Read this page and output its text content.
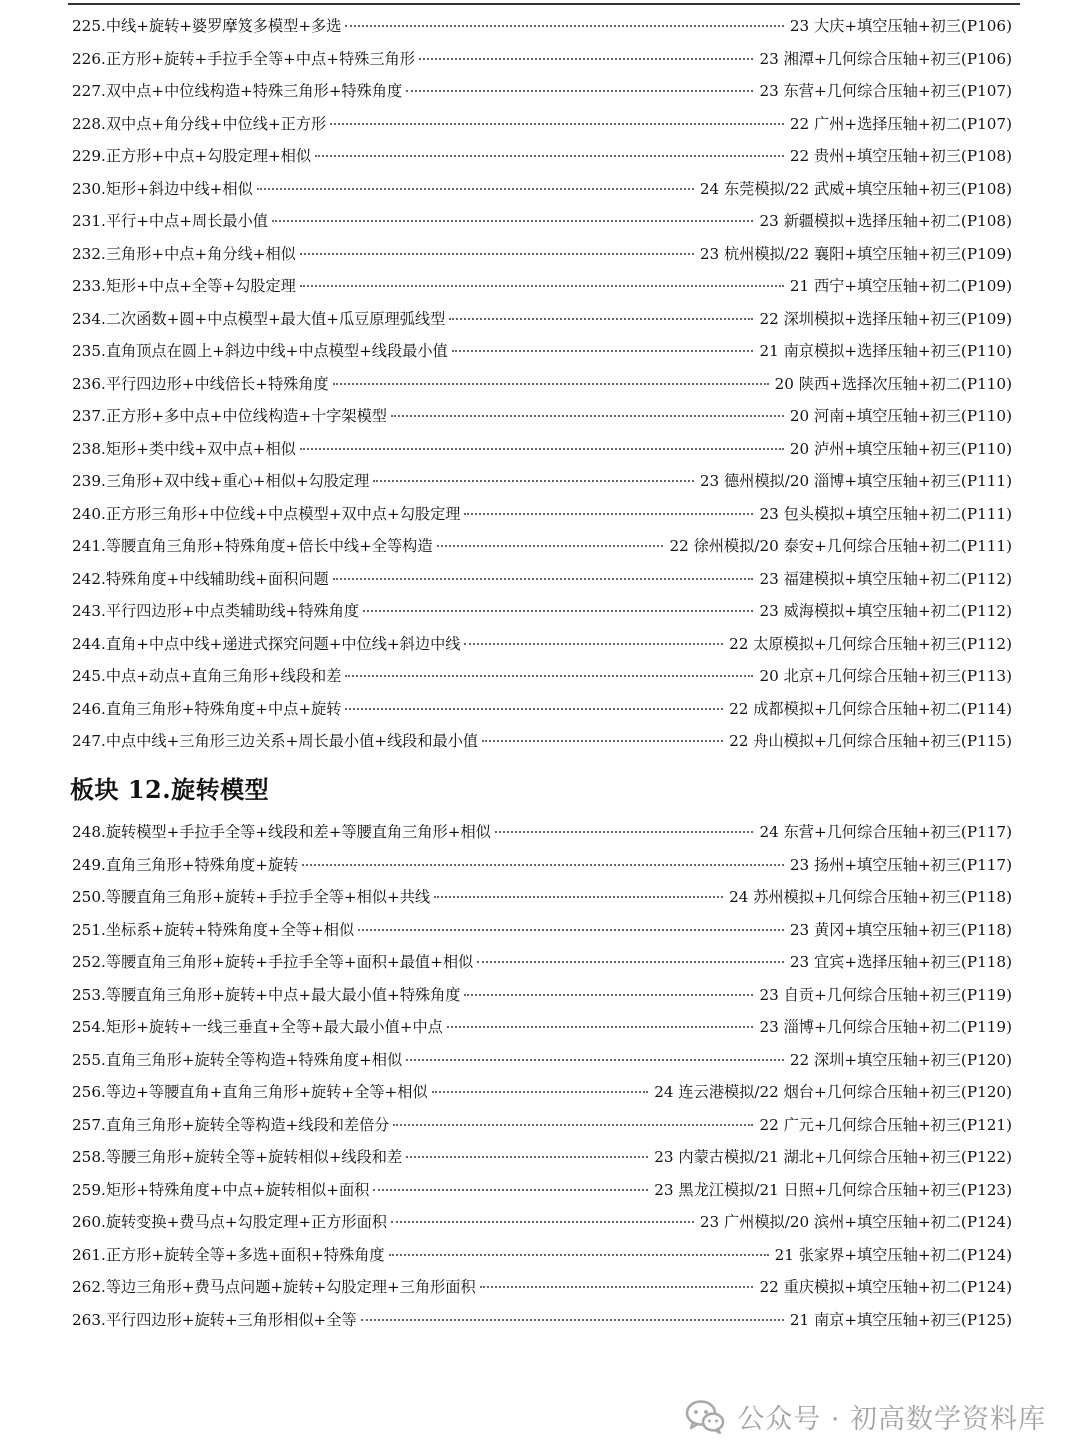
225.中线+旋转+婆罗摩笈多模型+多选	23 大庆+填空压轴+初三(P106)
226.正方形+旋转+手拉手全等+中点+特殊三角形	23 湘潭+几何综合压轴+初三(P106)
227.双中点+中位线构造+特殊三角形+特殊角度	23 东营+几何综合压轴+初三(P107)
228.双中点+角分线+中位线+正方形	22 广州+选择压轴+初二(P107)
229.正方形+中点+勾股定理+相似	22 贵州+填空压轴+初三(P108)
230.矩形+斜边中线+相似	24 东莞模拟/22 武威+填空压轴+初三(P108)
231.平行+中点+周长最小值	23 新疆模拟+选择压轴+初二(P108)
232.三角形+中点+角分线+相似	23 杭州模拟/22 襄阳+填空压轴+初三(P109)
233.矩形+中点+全等+勾股定理	21 西宁+填空压轴+初二(P109)
234.二次函数+圆+中点模型+最大值+瓜豆原理弧线型	22 深圳模拟+选择压轴+初三(P109)
235.直角顶点在圆上+斜边中线+中点模型+线段最小值	21 南京模拟+选择压轴+初三(P110)
236.平行四边形+中线倍长+特殊角度	20 陕西+选择次压轴+初二(P110)
237.正方形+多中点+中位线构造+十字架模型	20 河南+填空压轴+初三(P110)
238.矩形+类中线+双中点+相似	20 泸州+填空压轴+初三(P110)
239.三角形+双中线+重心+相似+勾股定理	23 德州模拟/20 淄博+填空压轴+初三(P111)
240.正方形三角形+中位线+中点模型+双中点+勾股定理	23 包头模拟+填空压轴+初二(P111)
241.等腰直角三角形+特殊角度+倍长中线+全等构造	22 徐州模拟/20 泰安+几何综合压轴+初二(P111)
242.特殊角度+中线辅助线+面积问题	23 福建模拟+填空压轴+初二(P112)
243.平行四边形+中点类辅助线+特殊角度	23 威海模拟+填空压轴+初二(P112)
244.直角+中点中线+递进式探究问题+中位线+斜边中线	22 太原模拟+几何综合压轴+初三(P112)
245.中点+动点+直角三角形+线段和差	20 北京+几何综合压轴+初三(P113)
246.直角三角形+特殊角度+中点+旋转	22 成都模拟+几何综合压轴+初二(P114)
247.中点中线+三角形三边关系+周长最小值+线段和最小值	22 舟山模拟+几何综合压轴+初三(P115)
板块 12.旋转模型
248.旋转模型+手拉手全等+线段和差+等腰直角三角形+相似	24 东营+几何综合压轴+初三(P117)
249.直角三角形+特殊角度+旋转	23 扬州+填空压轴+初三(P117)
250.等腰直角三角形+旋转+手拉手全等+相似+共线	24 苏州模拟+几何综合压轴+初三(P118)
251.坐标系+旋转+特殊角度+全等+相似	23 黄冈+填空压轴+初三(P118)
252.等腰直角三角形+旋转+手拉手全等+面积+最值+相似	23 宜宾+选择压轴+初三(P118)
253.等腰直角三角形+旋转+中点+最大最小值+特殊角度	23 自贡+几何综合压轴+初三(P119)
254.矩形+旋转+一线三垂直+全等+最大最小值+中点	23 淄博+几何综合压轴+初二(P119)
255.直角三角形+旋转全等构造+特殊角度+相似	22 深圳+填空压轴+初三(P120)
256.等边+等腰直角+直角三角形+旋转+全等+相似	24 连云港模拟/22 烟台+几何综合压轴+初三(P120)
257.直角三角形+旋转全等构造+线段和差倍分	22 广元+几何综合压轴+初三(P121)
258.等腰三角形+旋转全等+旋转相似+线段和差	23 内蒙古模拟/21 湖北+几何综合压轴+初三(P122)
259.矩形+特殊角度+中点+旋转相似+面积	23 黑龙江模拟/21 日照+几何综合压轴+初三(P123)
260.旋转变换+费马点+勾股定理+正方形面积	23 广州模拟/20 滨州+填空压轴+初二(P124)
261.正方形+旋转全等+多选+面积+特殊角度	21 张家界+填空压轴+初二(P124)
262.等边三角形+费马点问题+旋转+勾股定理+三角形面积	22 重庆模拟+填空压轴+初二(P124)
263.平行四边形+旋转+三角形相似+全等	21 南京+填空压轴+初三(P125)
公众号 · 初高数学资料库
